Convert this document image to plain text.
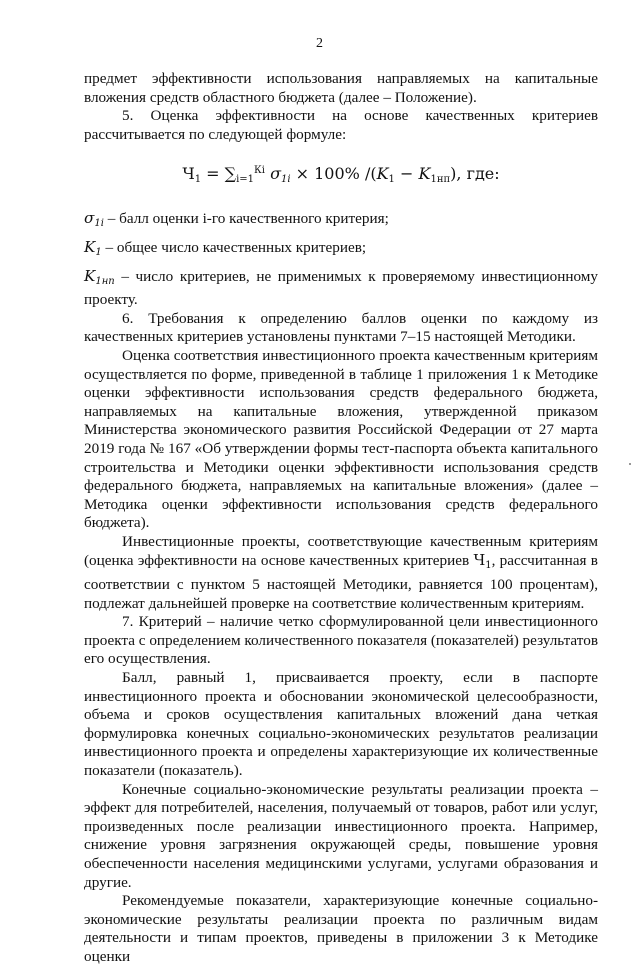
2

предмет эффективности использования направляемых на капитальные вложения средств областного бюджета (далее – Положение).

5. Оценка эффективности на основе качественных критериев рассчитывается по следующей формуле:

$Ч_1 = \sum_{i=1}^{Кi}$ $\sigma_{1i} \times 100\%$ $/(K_1 - K_{1нп})$, где:

$\sigma_{1i}$ – балл оценки i-го качественного критерия;

$K_1$ – общее число качественных критериев;

$K_{1нп}$ – число критериев, не применимых к проверяемому инвестиционному проекту.

6. Требования к определению баллов оценки по каждому из качественных критериев установлены пунктами 7–15 настоящей Методики.

Оценка соответствия инвестиционного проекта качественным критериям осуществляется по форме, приведенной в таблице 1 приложения 1 к Методике оценки эффективности использования средств федерального бюджета, направляемых на капитальные вложения, утвержденной приказом Министерства экономического развития Российской Федерации от 27 марта 2019 года № 167 «Об утверждении формы тест-паспорта объекта капитального строительства и Методики оценки эффективности использования средств федерального бюджета, направляемых на капитальные вложения» (далее – Методика оценки эффективности использования средств федерального бюджета).

Инвестиционные проекты, соответствующие качественным критериям (оценка эффективности на основе качественных критериев $Ч_1$, рассчитанная в соответствии с пунктом 5 настоящей Методики, равняется 100 процентам), подлежат дальнейшей проверке на соответствие количественным критериям.

7. Критерий – наличие четко сформулированной цели инвестиционного проекта с определением количественного показателя (показателей) результатов его осуществления.

Балл, равный 1, присваивается проекту, если в паспорте инвестиционного проекта и обосновании экономической целесообразности, объема и сроков осуществления капитальных вложений дана четкая формулировка конечных социально-экономических результатов реализации инвестиционного проекта и определены характеризующие их количественные показатели (показатель).

Конечные социально-экономические результаты реализации проекта – эффект для потребителей, населения, получаемый от товаров, работ или услуг, произведенных после реализации инвестиционного проекта. Например, снижение уровня загрязнения окружающей среды, повышение уровня обеспеченности населения медицинскими услугами, услугами образования и другие.

Рекомендуемые показатели, характеризующие конечные социально-экономические результаты реализации проекта по различным видам деятельности и типам проектов, приведены в приложении 3 к Методике оценки
